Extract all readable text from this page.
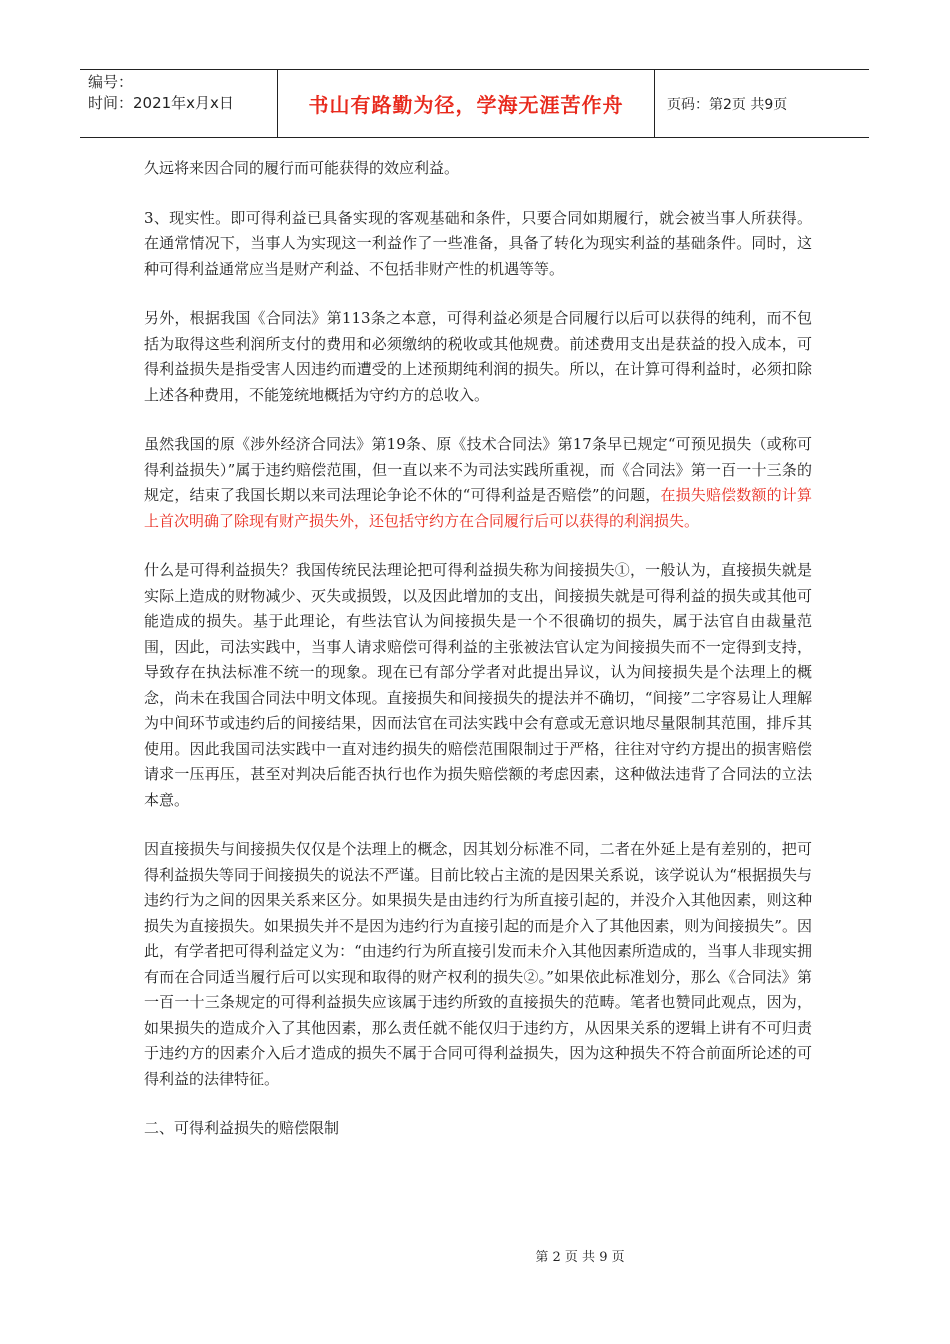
编号：
时间：2021年x月x日	书山有路勤为径，学海无涯苦作舟	页码：第2页 共9页

久远将来因合同的履行而可能获得的效应利益。

3、现实性。即可得利益已具备实现的客观基础和条件，只要合同如期履行，就会被当事人所获得。在通常情况下，当事人为实现这一利益作了一些准备，具备了转化为现实利益的基础条件。同时，这种可得利益通常应当是财产利益、不包括非财产性的机遇等等。

另外，根据我国《合同法》第113条之本意，可得利益必须是合同履行以后可以获得的纯利，而不包括为取得这些利润所支付的费用和必须缴纳的税收或其他规费。前述费用支出是获益的投入成本，可得利益损失是指受害人因违约而遭受的上述预期纯利润的损失。所以，在计算可得利益时，必须扣除上述各种费用，不能笼统地概括为守约方的总收入。

虽然我国的原《涉外经济合同法》第19条、原《技术合同法》第17条早已规定“可预见损失（或称可得利益损失）”属于违约赔偿范围，但一直以来不为司法实践所重视，而《合同法》第一百一十三条的规定，结束了我国长期以来司法理论争论不休的“可得利益是否赔偿”的问题，在损失赔偿数额的计算上首次明确了除现有财产损失外，还包括守约方在合同履行后可以获得的利润损失。

什么是可得利益损失？我国传统民法理论把可得利益损失称为间接损失①，一般认为，直接损失就是实际上造成的财物减少、灭失或损毁，以及因此增加的支出，间接损失就是可得利益的损失或其他可能造成的损失。基于此理论，有些法官认为间接损失是一个不很确切的损失，属于法官自由裁量范围，因此，司法实践中，当事人请求赔偿可得利益的主张被法官认定为间接损失而不一定得到支持，导致存在执法标准不统一的现象。现在已有部分学者对此提出异议，认为间接损失是个法理上的概念，尚未在我国合同法中明文体现。直接损失和间接损失的提法并不确切，“间接”二字容易让人理解为中间环节或违约后的间接结果，因而法官在司法实践中会有意或无意识地尽量限制其范围，排斥其使用。因此我国司法实践中一直对违约损失的赔偿范围限制过于严格，往往对守约方提出的损害赔偿请求一压再压，甚至对判决后能否执行也作为损失赔偿额的考虑因素，这种做法违背了合同法的立法本意。

因直接损失与间接损失仅仅是个法理上的概念，因其划分标准不同，二者在外延上是有差别的，把可得利益损失等同于间接损失的说法不严谨。目前比较占主流的是因果关系说，该学说认为“根据损失与违约行为之间的因果关系来区分。如果损失是由违约行为所直接引起的，并没介入其他因素，则这种损失为直接损失。如果损失并不是因为违约行为直接引起的而是介入了其他因素，则为间接损失”。因此，有学者把可得利益定义为：“由违约行为所直接引发而未介入其他因素所造成的，当事人非现实拥有而在合同适当履行后可以实现和取得的财产权利的损失②。”如果依此标准划分，那么《合同法》第一百一十三条规定的可得利益损失应该属于违约所致的直接损失的范畴。笔者也赞同此观点，因为，如果损失的造成介入了其他因素，那么责任就不能仅归于违约方，从因果关系的逻辑上讲有不可归责于违约方的因素介入后才造成的损失不属于合同可得利益损失，因为这种损失不符合前面所论述的可得利益的法律特征。

二、可得利益损失的赔偿限制

第 2 页 共 9 页
